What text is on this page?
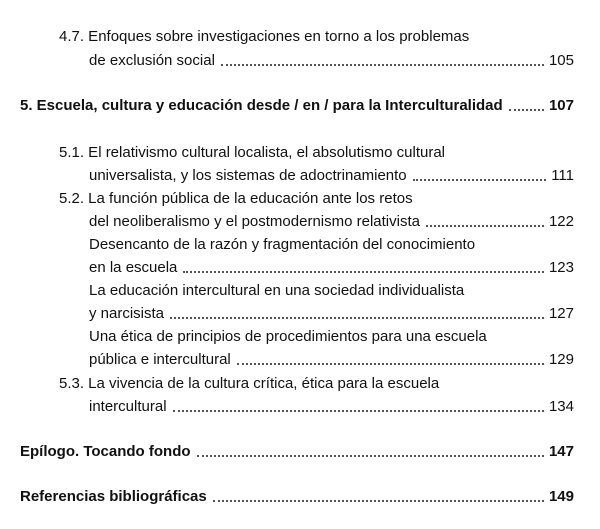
4.7. Enfoques sobre investigaciones en torno a los problemas
de exclusión social	105
5. Escuela, cultura y educación desde / en / para la Interculturalidad	107
5.1. El relativismo cultural localista, el absolutismo cultural
universalista, y los sistemas de adoctrinamiento	111
5.2. La función pública de la educación ante los retos
del neoliberalismo y el postmodernismo relativista	122
Desencanto de la razón y fragmentación del conocimiento
en la escuela	123
La educación intercultural en una sociedad individualista
y narcisista	127
Una ética de principios de procedimientos para una escuela
pública e intercultural	129
5.3. La vivencia de la cultura crítica, ética para la escuela
intercultural	134
Epílogo. Tocando fondo	147
Referencias bibliográficas	149
